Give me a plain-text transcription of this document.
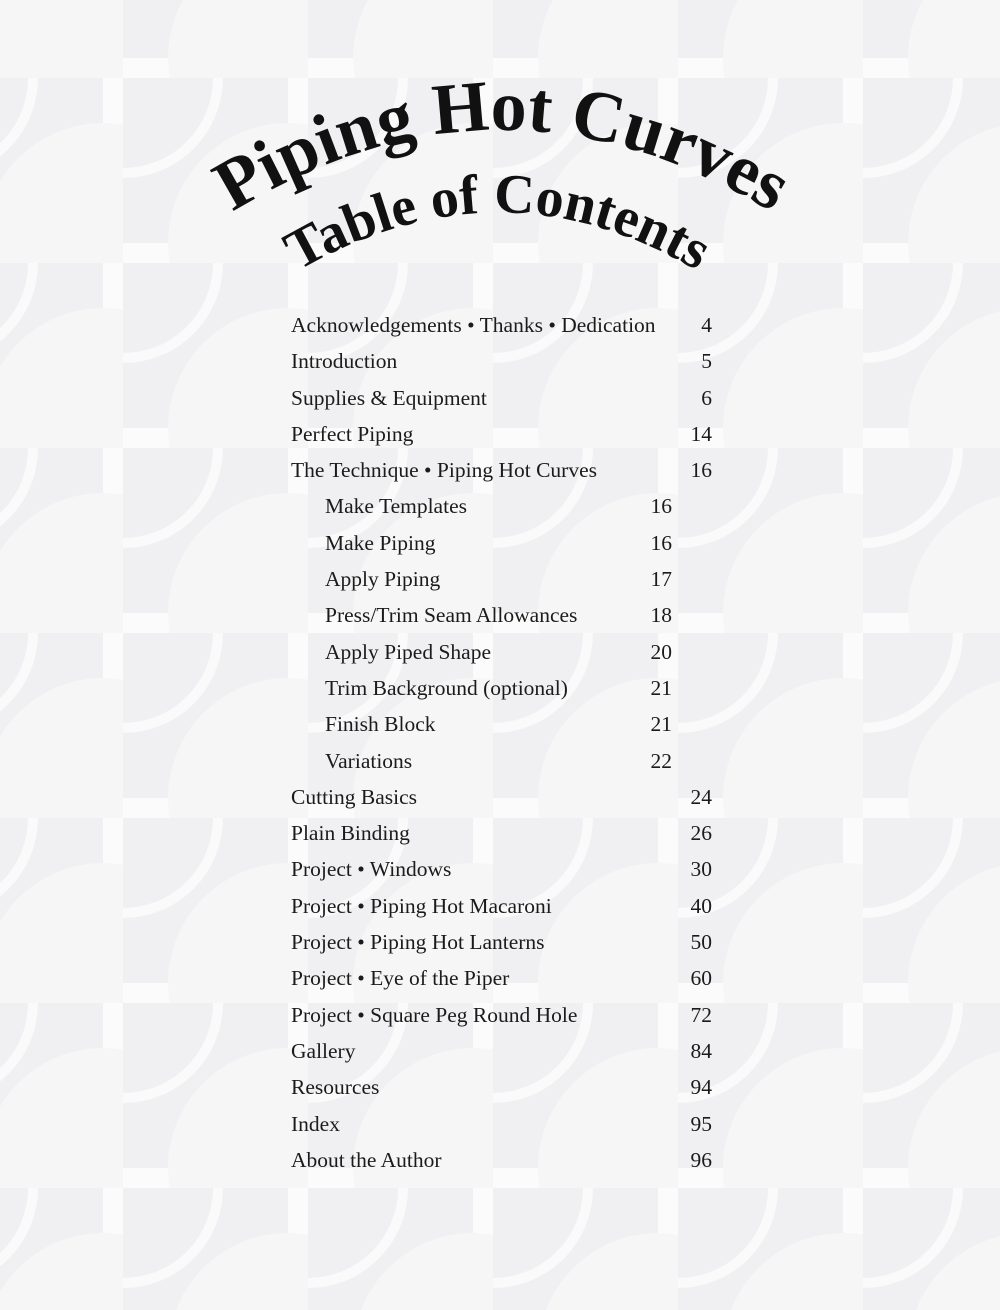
Piping Hot Curves
Table of Contents
Acknowledgements • Thanks • Dedication 4
Introduction	5
Supplies & Equipment	6
Perfect Piping	14
The Technique • Piping Hot Curves	16
Make Templates	16
Make Piping	16
Apply Piping	17
Press/Trim Seam Allowances	18
Apply Piped Shape	20
Trim Background (optional)	21
Finish Block	21
Variations	22
Cutting Basics	24
Plain Binding	26
Project • Windows	30
Project • Piping Hot Macaroni	40
Project • Piping Hot Lanterns	50
Project • Eye of the Piper	60
Project • Square Peg Round Hole	72
Gallery	84
Resources	94
Index	95
About the Author	96
